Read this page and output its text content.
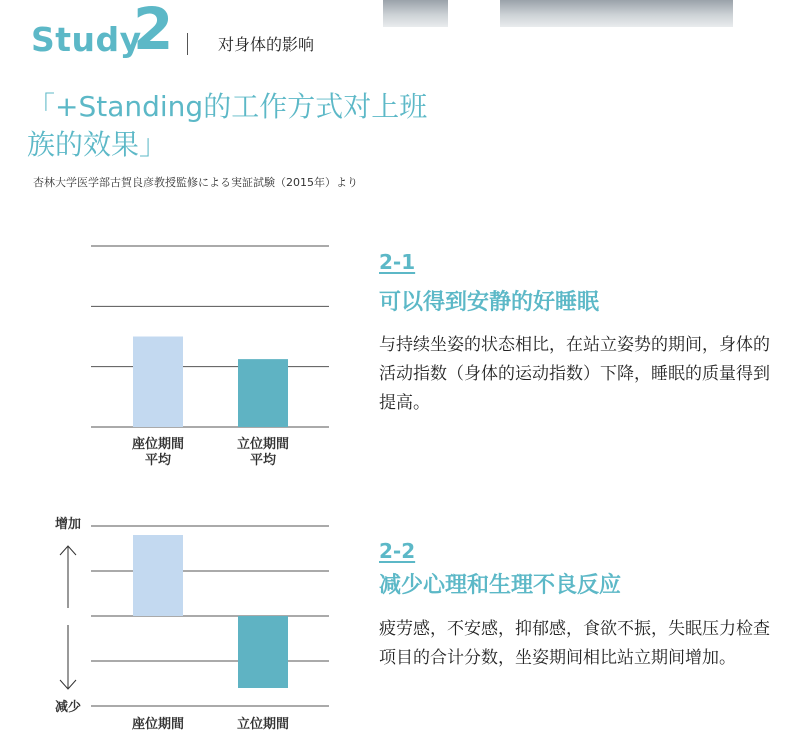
Study
2	对身体的影响
「+Standing的工作方式对上班族的效果」
杏林大学医学部古賀良彦教授監修による実証試験（2015年）より
座位期間
平均
立位期間
平均
座位期間	立位期間
增加
减少
2-1
可以得到安静的好睡眠
与持续坐姿的状态相比，在站立姿势的期间，身体的活动指数（身体的运动指数）下降，睡眠的质量得到提高。
2-2
减少心理和生理不良反应
疲劳感，不安感，抑郁感，食欲不振，失眠压力检查项目的合计分数，坐姿期间相比站立期间增加。
